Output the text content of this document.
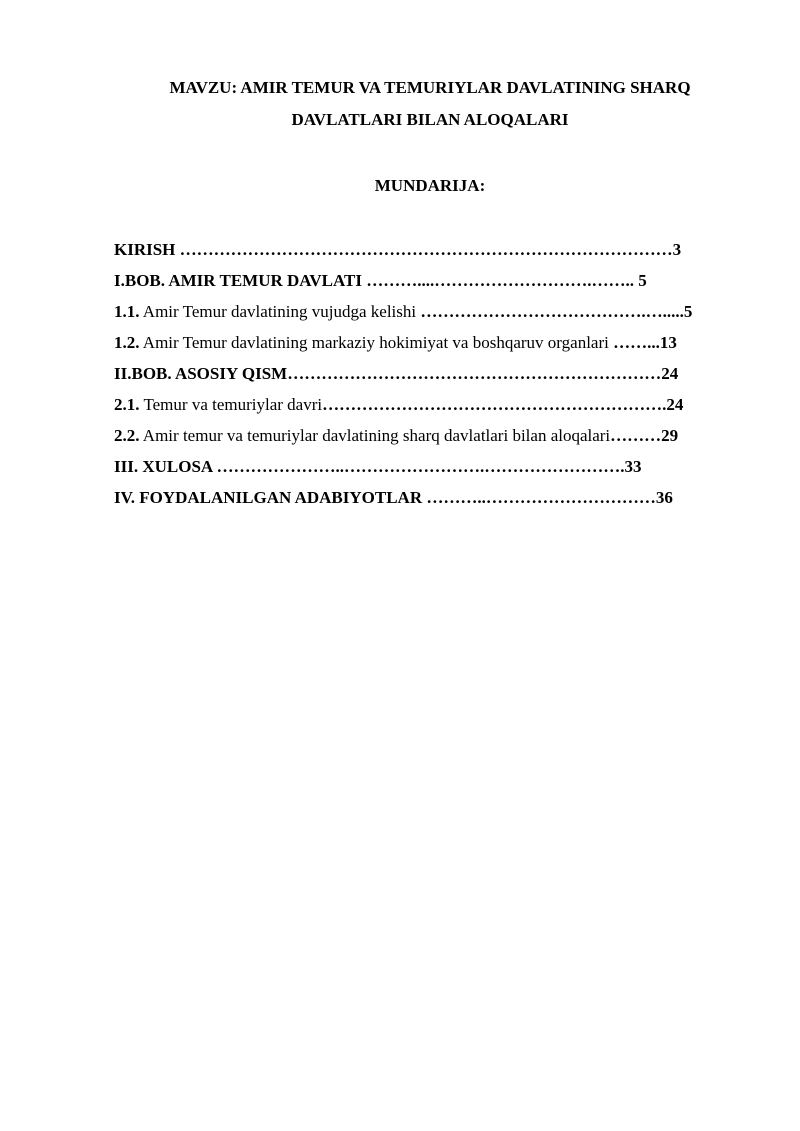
MAVZU: AMIR TEMUR VA TEMURIYLAR DAVLATINING SHARQ
DAVLATLARI BILAN ALOQALARI
MUNDARIJA:
KIRISH ……………………………………………………………………………3
I.BOB. AMIR TEMUR DAVLATI ………....……………………….…….. 5
1.1. Amir Temur davlatining vujudga kelishi ………………………………….….....5
1.2. Amir Temur davlatining markaziy hokimiyat va boshqaruv organlari ……...13
II.BOB. ASOSIY QISM…………………………………………………………24
2.1. Temur va temuriylar davri…………………………………………………….24
2.2. Amir temur va temuriylar davlatining sharq davlatlari bilan aloqalari………29
III. XULOSA …………………..…………………….…………………….33
IV. FOYDALANILGAN ADABIYOTLAR ………..…………………………36
